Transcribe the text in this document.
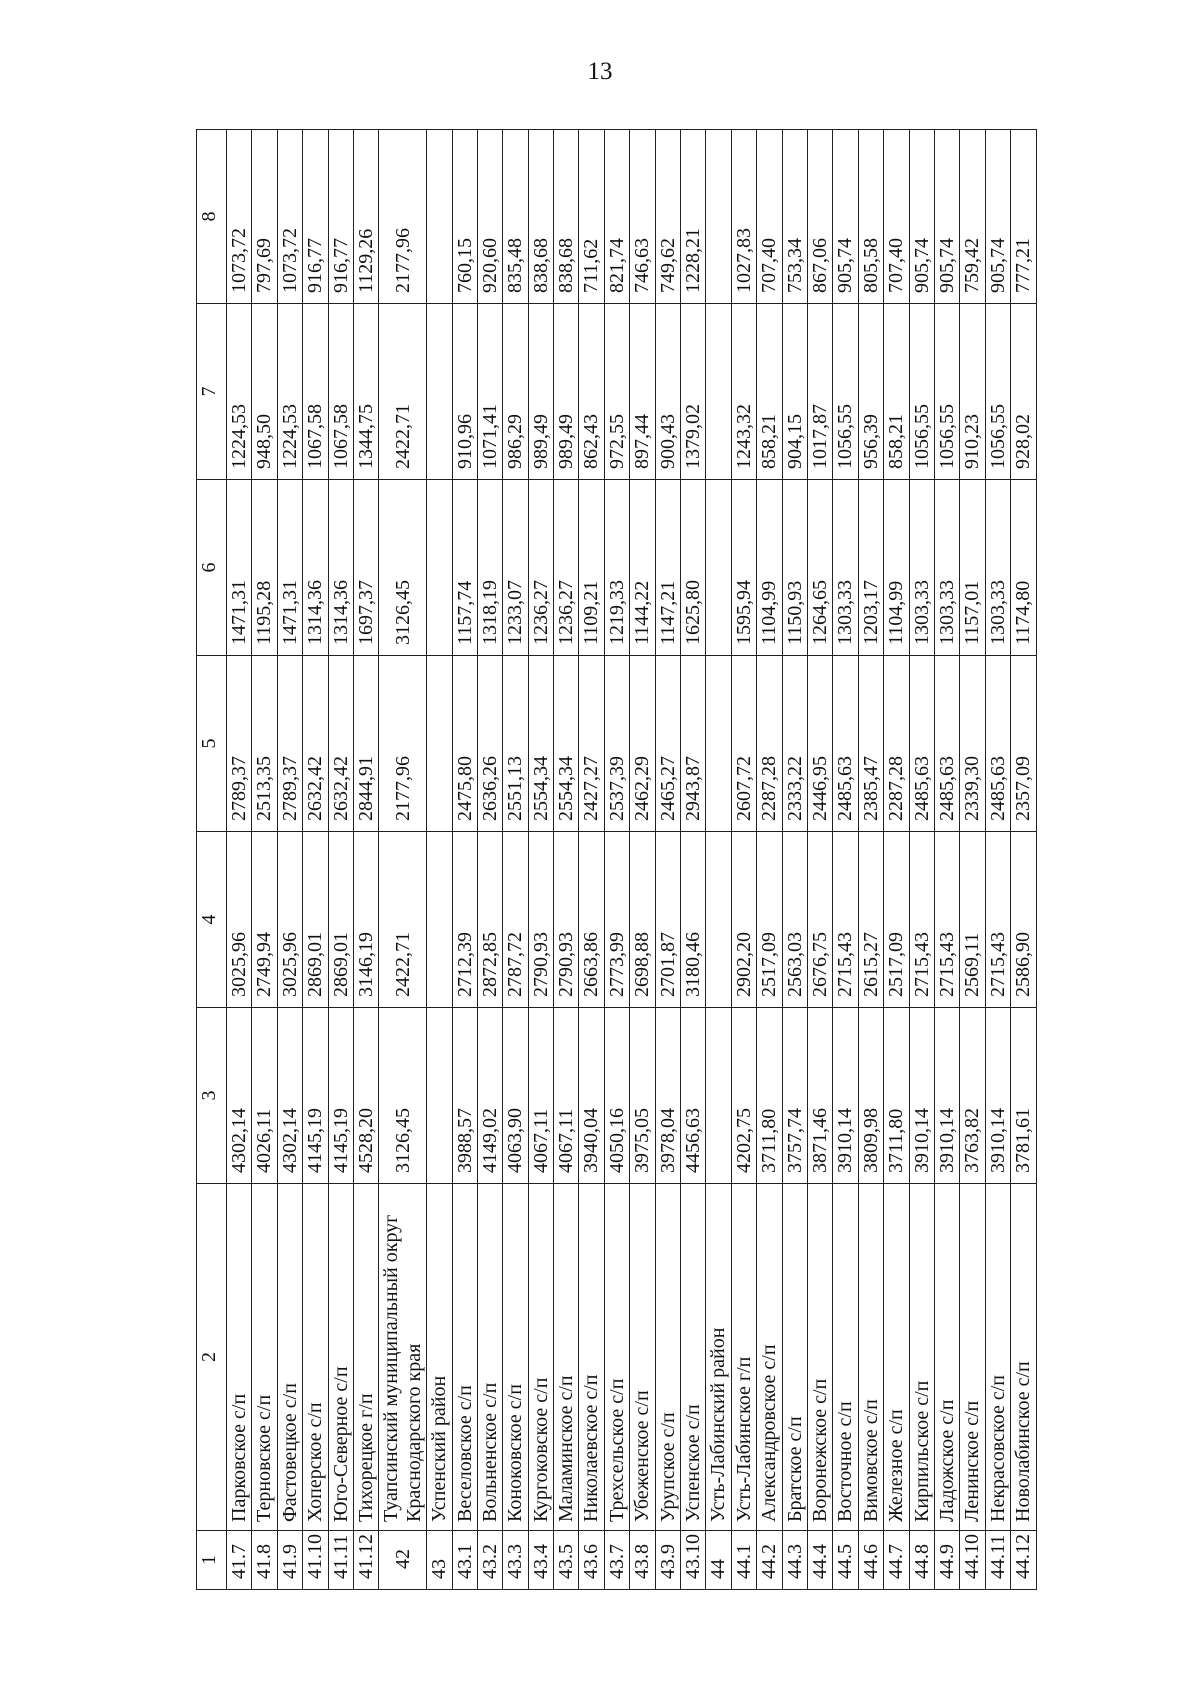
13
1	2	3	4	5	6	7	8
41.7	Парковское с/п	4302,14	3025,96	2789,37	1471,31	1224,53	1073,72
41.8	Терновское с/п	4026,11	2749,94	2513,35	1195,28	948,50	797,69
41.9	Фастовецкое с/п	4302,14	3025,96	2789,37	1471,31	1224,53	1073,72
41.10	Хоперское с/п	4145,19	2869,01	2632,42	1314,36	1067,58	916,77
41.11	Юго-Северное с/п	4145,19	2869,01	2632,42	1314,36	1067,58	916,77
41.12	Тихорецкое г/п	4528,20	3146,19	2844,91	1697,37	1344,75	1129,26
42	Туапсинский муниципальный округ Краснодарского края	3126,45	2422,71	2177,96	3126,45	2422,71	2177,96
43	Успенский район						
43.1	Веселовское с/п	3988,57	2712,39	2475,80	1157,74	910,96	760,15
43.2	Вольненское с/п	4149,02	2872,85	2636,26	1318,19	1071,41	920,60
43.3	Коноковское с/п	4063,90	2787,72	2551,13	1233,07	986,29	835,48
43.4	Кургоковское с/п	4067,11	2790,93	2554,34	1236,27	989,49	838,68
43.5	Маламинское с/п	4067,11	2790,93	2554,34	1236,27	989,49	838,68
43.6	Николаевское с/п	3940,04	2663,86	2427,27	1109,21	862,43	711,62
43.7	Трехсельское с/п	4050,16	2773,99	2537,39	1219,33	972,55	821,74
43.8	Убеженское с/п	3975,05	2698,88	2462,29	1144,22	897,44	746,63
43.9	Урупское с/п	3978,04	2701,87	2465,27	1147,21	900,43	749,62
43.10	Успенское с/п	4456,63	3180,46	2943,87	1625,80	1379,02	1228,21
44	Усть-Лабинский район						
44.1	Усть-Лабинское г/п	4202,75	2902,20	2607,72	1595,94	1243,32	1027,83
44.2	Александровское с/п	3711,80	2517,09	2287,28	1104,99	858,21	707,40
44.3	Братское с/п	3757,74	2563,03	2333,22	1150,93	904,15	753,34
44.4	Воронежское с/п	3871,46	2676,75	2446,95	1264,65	1017,87	867,06
44.5	Восточное с/п	3910,14	2715,43	2485,63	1303,33	1056,55	905,74
44.6	Вимовское с/п	3809,98	2615,27	2385,47	1203,17	956,39	805,58
44.7	Железное с/п	3711,80	2517,09	2287,28	1104,99	858,21	707,40
44.8	Кирпильское с/п	3910,14	2715,43	2485,63	1303,33	1056,55	905,74
44.9	Ладожское с/п	3910,14	2715,43	2485,63	1303,33	1056,55	905,74
44.10	Ленинское с/п	3763,82	2569,11	2339,30	1157,01	910,23	759,42
44.11	Некрасовское с/п	3910,14	2715,43	2485,63	1303,33	1056,55	905,74
44.12	Новолабинское с/п	3781,61	2586,90	2357,09	1174,80	928,02	777,21
